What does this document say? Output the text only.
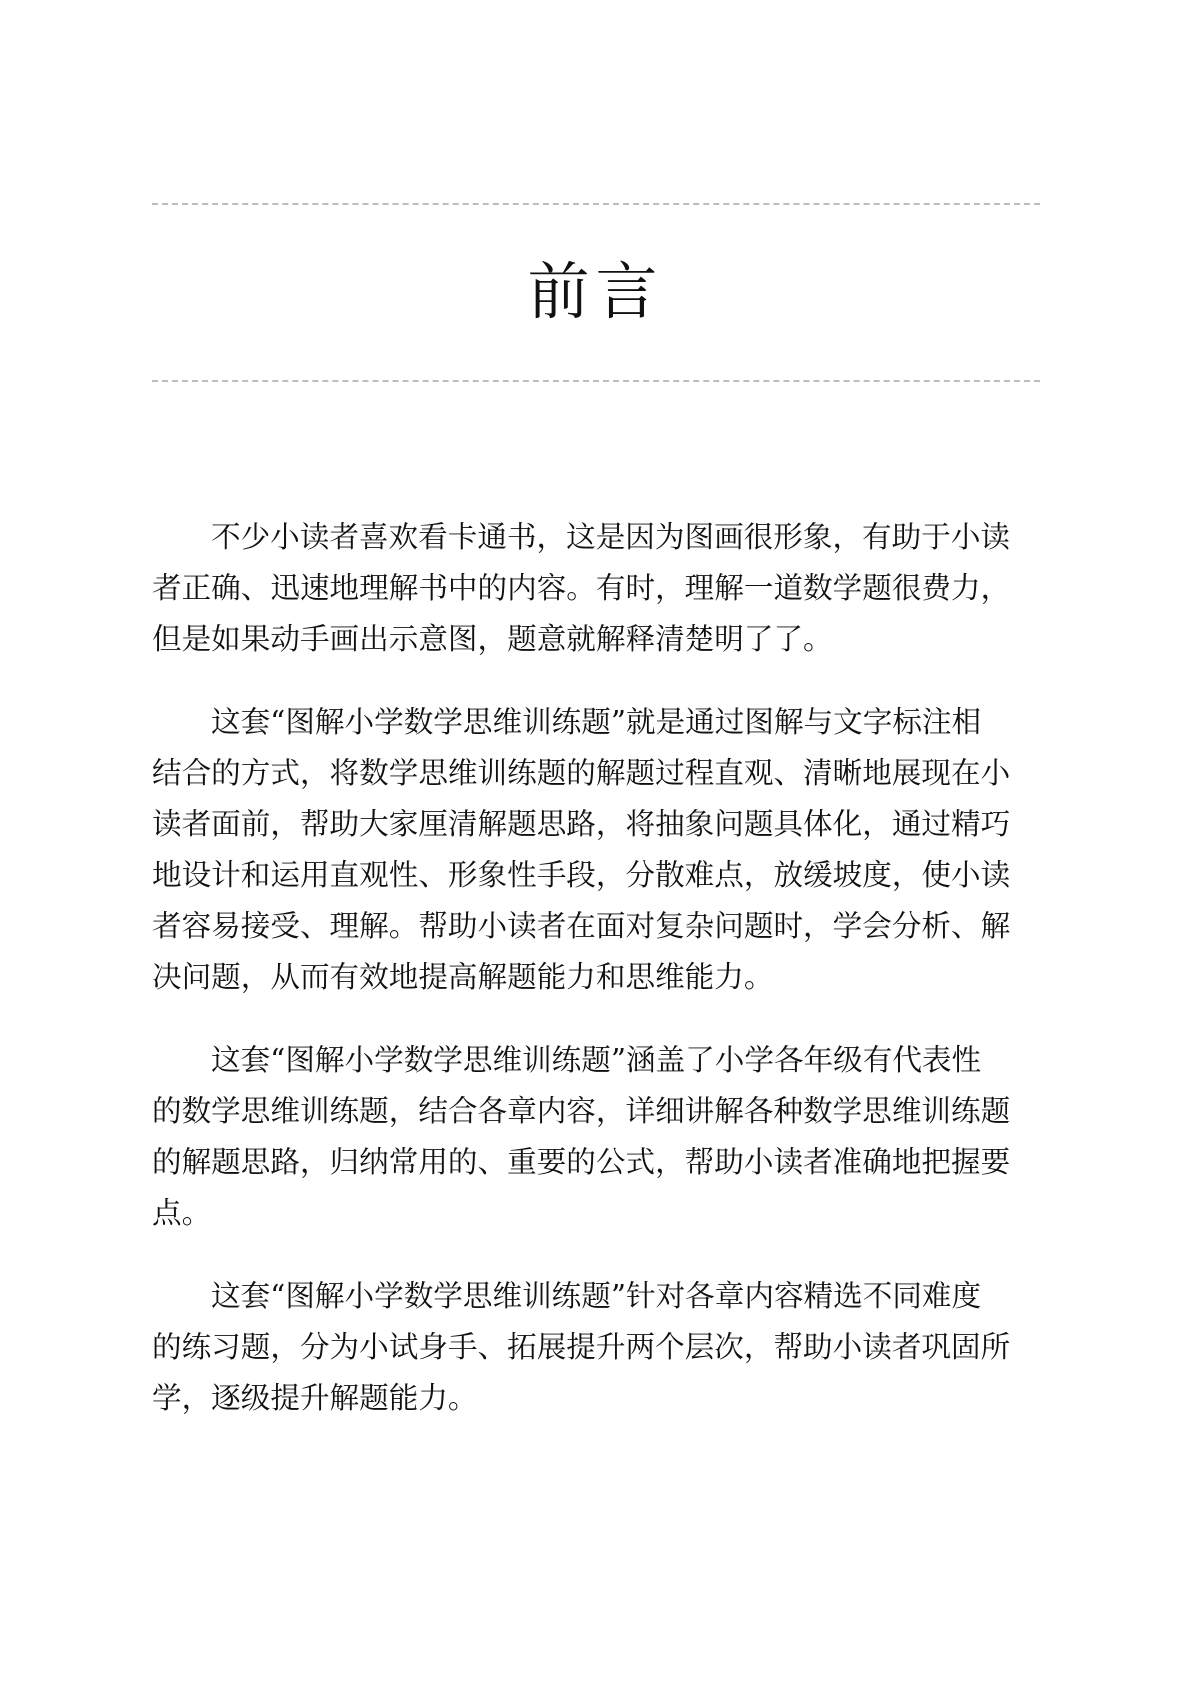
前言
不少小读者喜欢看卡通书，这是因为图画很形象，有助于小读
者正确、迅速地理解书中的内容。有时，理解一道数学题很费力，
但是如果动手画出示意图，题意就解释清楚明了了。
这套“图解小学数学思维训练题”就是通过图解与文字标注相
结合的方式，将数学思维训练题的解题过程直观、清晰地展现在小
读者面前，帮助大家厘清解题思路，将抽象问题具体化，通过精巧
地设计和运用直观性、形象性手段，分散难点，放缓坡度，使小读
者容易接受、理解。帮助小读者在面对复杂问题时，学会分析、解
决问题，从而有效地提高解题能力和思维能力。
这套“图解小学数学思维训练题”涵盖了小学各年级有代表性
的数学思维训练题，结合各章内容，详细讲解各种数学思维训练题
的解题思路，归纳常用的、重要的公式，帮助小读者准确地把握要
点。
这套“图解小学数学思维训练题”针对各章内容精选不同难度
的练习题，分为小试身手、拓展提升两个层次，帮助小读者巩固所
学，逐级提升解题能力。
